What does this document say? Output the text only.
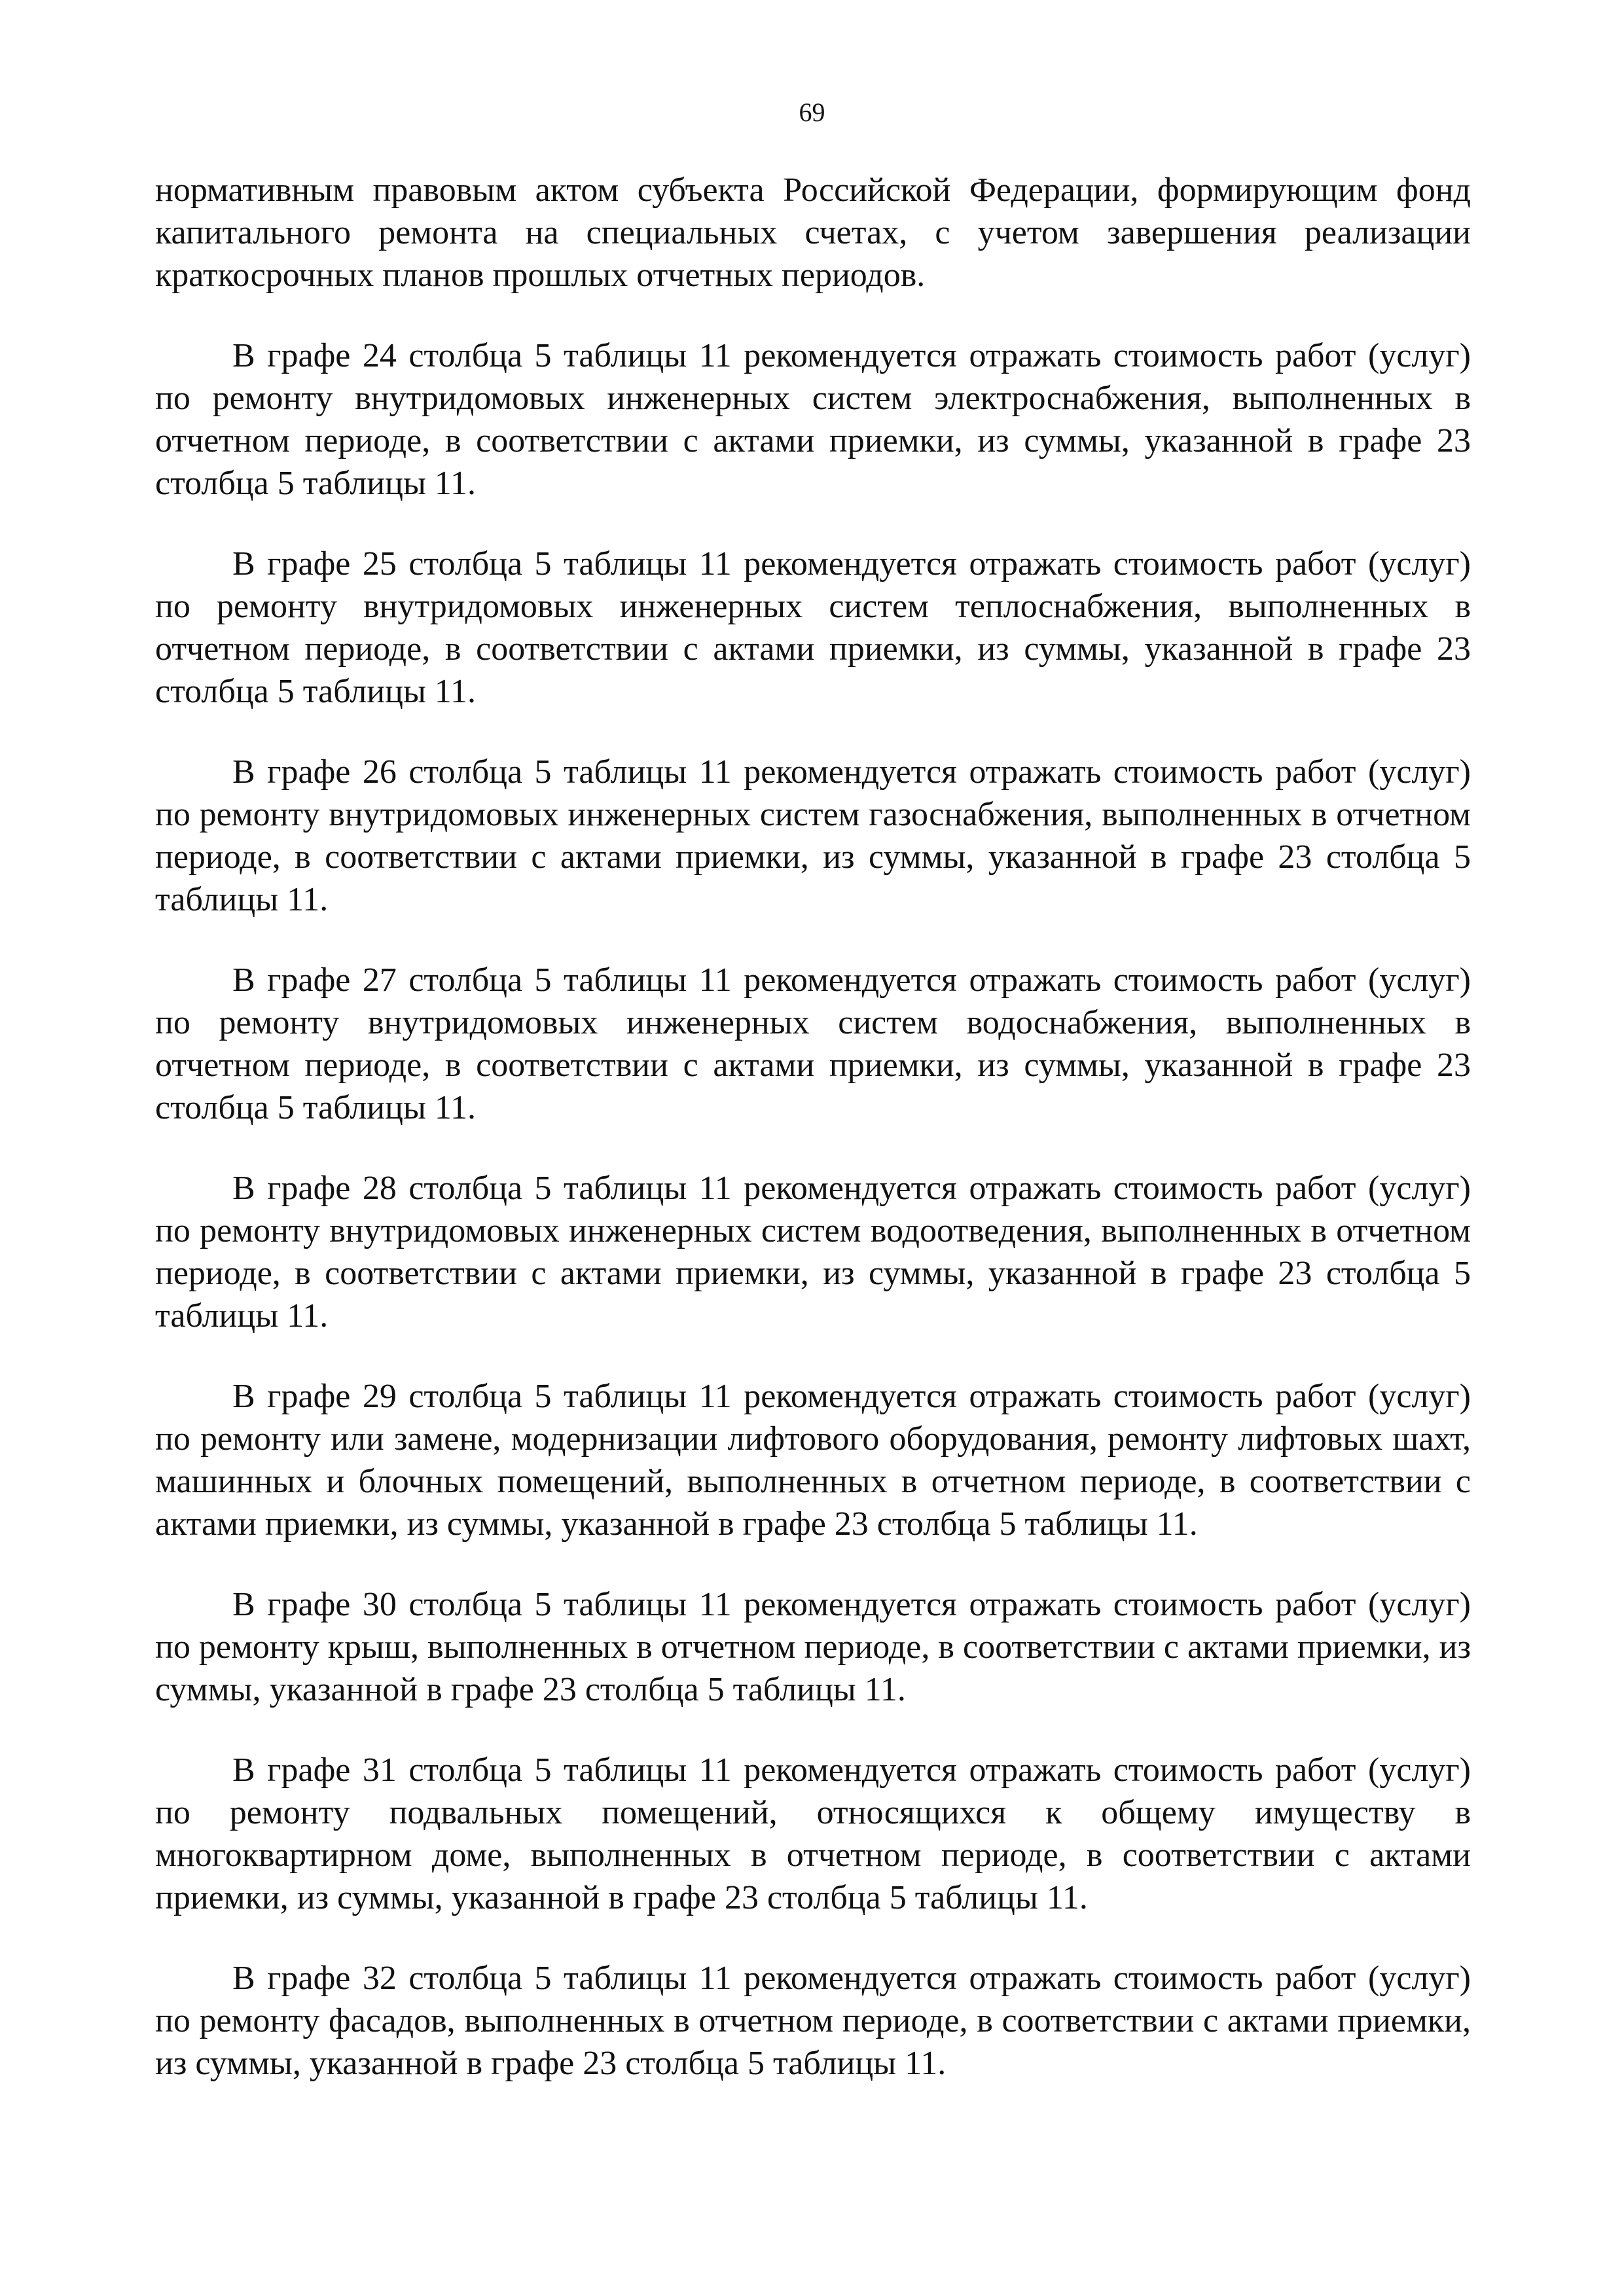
69

нормативным правовым актом субъекта Российской Федерации, формирующим фонд капитального ремонта на специальных счетах, с учетом завершения реализации краткосрочных планов прошлых отчетных периодов.

В графе 24 столбца 5 таблицы 11 рекомендуется отражать стоимость работ (услуг) по ремонту внутридомовых инженерных систем электроснабжения, выполненных в отчетном периоде, в соответствии с актами приемки, из суммы, указанной в графе 23 столбца 5 таблицы 11.

В графе 25 столбца 5 таблицы 11 рекомендуется отражать стоимость работ (услуг) по ремонту внутридомовых инженерных систем теплоснабжения, выполненных в отчетном периоде, в соответствии с актами приемки, из суммы, указанной в графе 23 столбца 5 таблицы 11.

В графе 26 столбца 5 таблицы 11 рекомендуется отражать стоимость работ (услуг) по ремонту внутридомовых инженерных систем газоснабжения, выполненных в отчетном периоде, в соответствии с актами приемки, из суммы, указанной в графе 23 столбца 5 таблицы 11.

В графе 27 столбца 5 таблицы 11 рекомендуется отражать стоимость работ (услуг) по ремонту внутридомовых инженерных систем водоснабжения, выполненных в отчетном периоде, в соответствии с актами приемки, из суммы, указанной в графе 23 столбца 5 таблицы 11.

В графе 28 столбца 5 таблицы 11 рекомендуется отражать стоимость работ (услуг) по ремонту внутридомовых инженерных систем водоотведения, выполненных в отчетном периоде, в соответствии с актами приемки, из суммы, указанной в графе 23 столбца 5 таблицы 11.

В графе 29 столбца 5 таблицы 11 рекомендуется отражать стоимость работ (услуг) по ремонту или замене, модернизации лифтового оборудования, ремонту лифтовых шахт, машинных и блочных помещений, выполненных в отчетном периоде, в соответствии с актами приемки, из суммы, указанной в графе 23 столбца 5 таблицы 11.

В графе 30 столбца 5 таблицы 11 рекомендуется отражать стоимость работ (услуг) по ремонту крыш, выполненных в отчетном периоде, в соответствии с актами приемки, из суммы, указанной в графе 23 столбца 5 таблицы 11.

В графе 31 столбца 5 таблицы 11 рекомендуется отражать стоимость работ (услуг) по ремонту подвальных помещений, относящихся к общему имуществу в многоквартирном доме, выполненных в отчетном периоде, в соответствии с актами приемки, из суммы, указанной в графе 23 столбца 5 таблицы 11.

В графе 32 столбца 5 таблицы 11 рекомендуется отражать стоимость работ (услуг) по ремонту фасадов, выполненных в отчетном периоде, в соответствии с актами приемки, из суммы, указанной в графе 23 столбца 5 таблицы 11.
